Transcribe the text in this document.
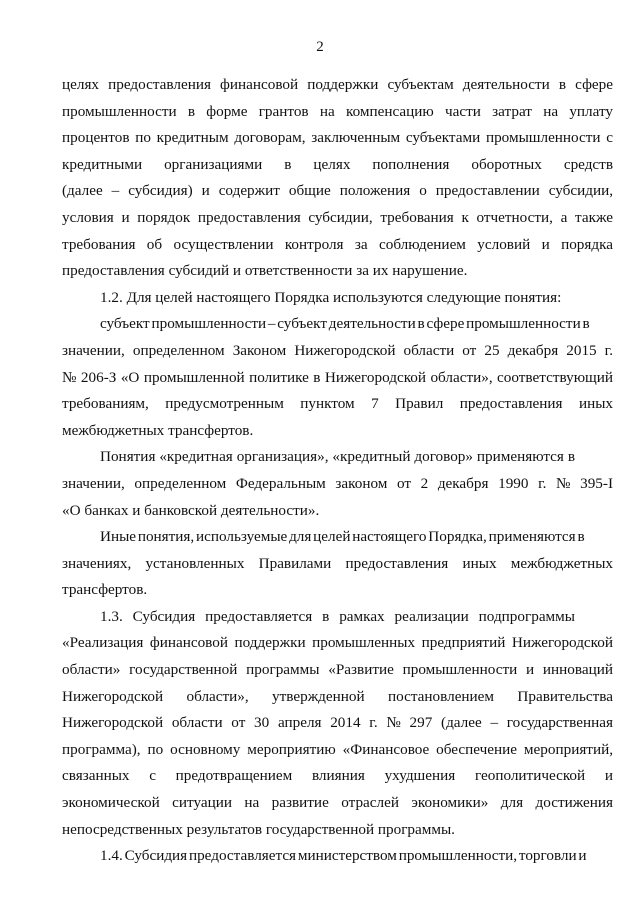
2
целях предоставления финансовой поддержки субъектам деятельности в сфере
промышленности в форме грантов на компенсацию части затрат на уплату
процентов по кредитным договорам, заключенным субъектами промышленности с
кредитными организациями в целях пополнения оборотных средств
(далее – субсидия) и содержит общие положения о предоставлении субсидии,
условия и порядок предоставления субсидии, требования к отчетности, а также
требования об осуществлении контроля за соблюдением условий и порядка
предоставления субсидий и ответственности за их нарушение.
1.2. Для целей настоящего Порядка используются следующие понятия:
субъект промышленности – субъект деятельности в сфере промышленности в
значении, определенном Законом Нижегородской области от 25 декабря 2015 г.
№ 206-З «О промышленной политике в Нижегородской области», соответствующий
требованиям, предусмотренным пунктом 7 Правил предоставления иных
межбюджетных трансфертов.
Понятия «кредитная организация», «кредитный договор» применяются в
значении, определенном Федеральным законом от 2 декабря 1990 г. № 395-I
«О банках и банковской деятельности».
Иные понятия, используемые для целей настоящего Порядка, применяются в
значениях, установленных Правилами предоставления иных межбюджетных
трансфертов.
1.3. Субсидия предоставляется в рамках реализации подпрограммы
«Реализация финансовой поддержки промышленных предприятий Нижегородской
области» государственной программы «Развитие промышленности и инноваций
Нижегородской области», утвержденной постановлением Правительства
Нижегородской области от 30 апреля 2014 г. № 297 (далее – государственная
программа), по основному мероприятию «Финансовое обеспечение мероприятий,
связанных с предотвращением влияния ухудшения геополитической и
экономической ситуации на развитие отраслей экономики» для достижения
непосредственных результатов государственной программы.
1.4. Субсидия предоставляется министерством промышленности, торговли и
